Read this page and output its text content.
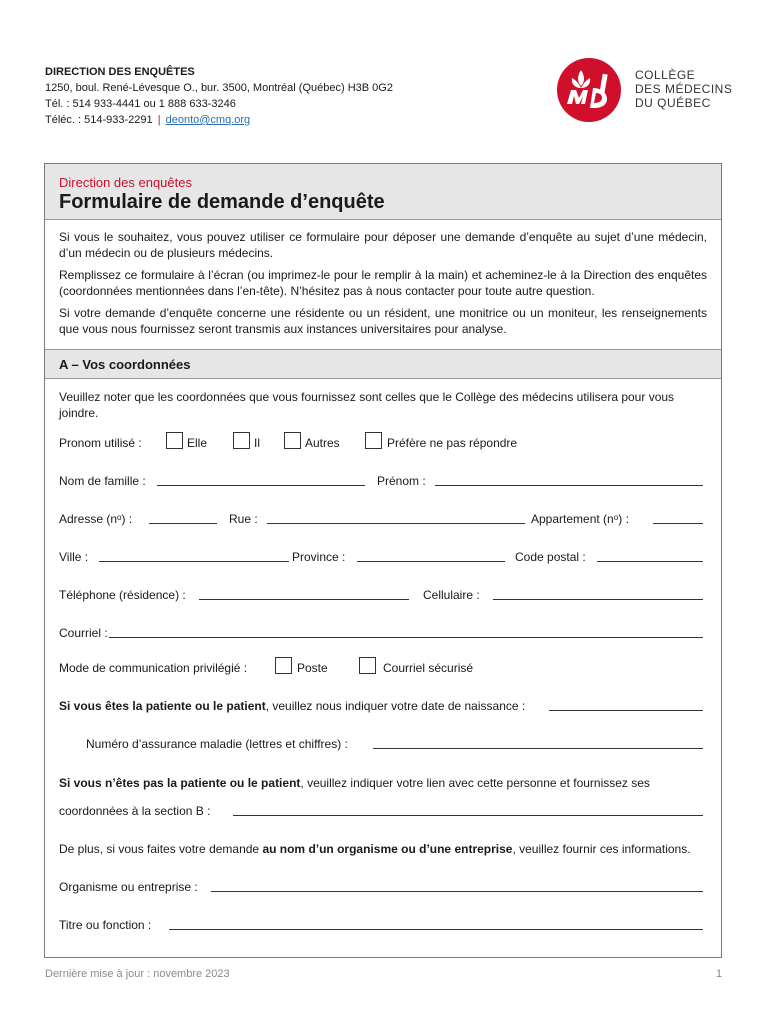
DIRECTION DES ENQUÊTES
1250, boul. René-Lévesque O., bur. 3500, Montréal (Québec) H3B 0G2
Tél. : 514 933-4441 ou 1 888 633-3246
Téléc. : 514-933-2291 | deonto@cmq.org
COLLÈGE
DES MÉDECINS
DU QUÉBEC
Direction des enquêtes
Formulaire de demande d’enquête
Si vous le souhaitez, vous pouvez utiliser ce formulaire pour déposer une demande d’enquête au sujet d’une médecin, d’un médecin ou de plusieurs médecins.
Remplissez ce formulaire à l’écran (ou imprimez-le pour le remplir à la main) et acheminez-le à la Direction des enquêtes (coordonnées mentionnées dans l’en-tête). N’hésitez pas à nous contacter pour toute autre question.
Si votre demande d’enquête concerne une résidente ou un résident, une monitrice ou un moniteur, les renseignements que vous nous fournissez seront transmis aux instances universitaires pour analyse.
A – Vos coordonnées
Veuillez noter que les coordonnées que vous fournissez sont celles que le Collège des médecins utilisera pour vous joindre.
Pronom utilisé :	Elle	Il	Autres	Préfère ne pas répondre
Nom de famille :	Prénom :
Adresse (nᵒ) :	Rue :	Appartement (nᵒ) :
Ville :	Province :	Code postal :
Téléphone (résidence) :	Cellulaire :
Courriel :
Mode de communication privilégié :	Poste	Courriel sécurisé
Si vous êtes la patiente ou le patient, veuillez nous indiquer votre date de naissance :
Numéro d’assurance maladie (lettres et chiffres) :
Si vous n’êtes pas la patiente ou le patient, veuillez indiquer votre lien avec cette personne et fournissez ses
coordonnées à la section B :
De plus, si vous faites votre demande au nom d’un organisme ou d’une entreprise, veuillez fournir ces informations.
Organisme ou entreprise :
Titre ou fonction :
Dernière mise à jour : novembre 2023	1
